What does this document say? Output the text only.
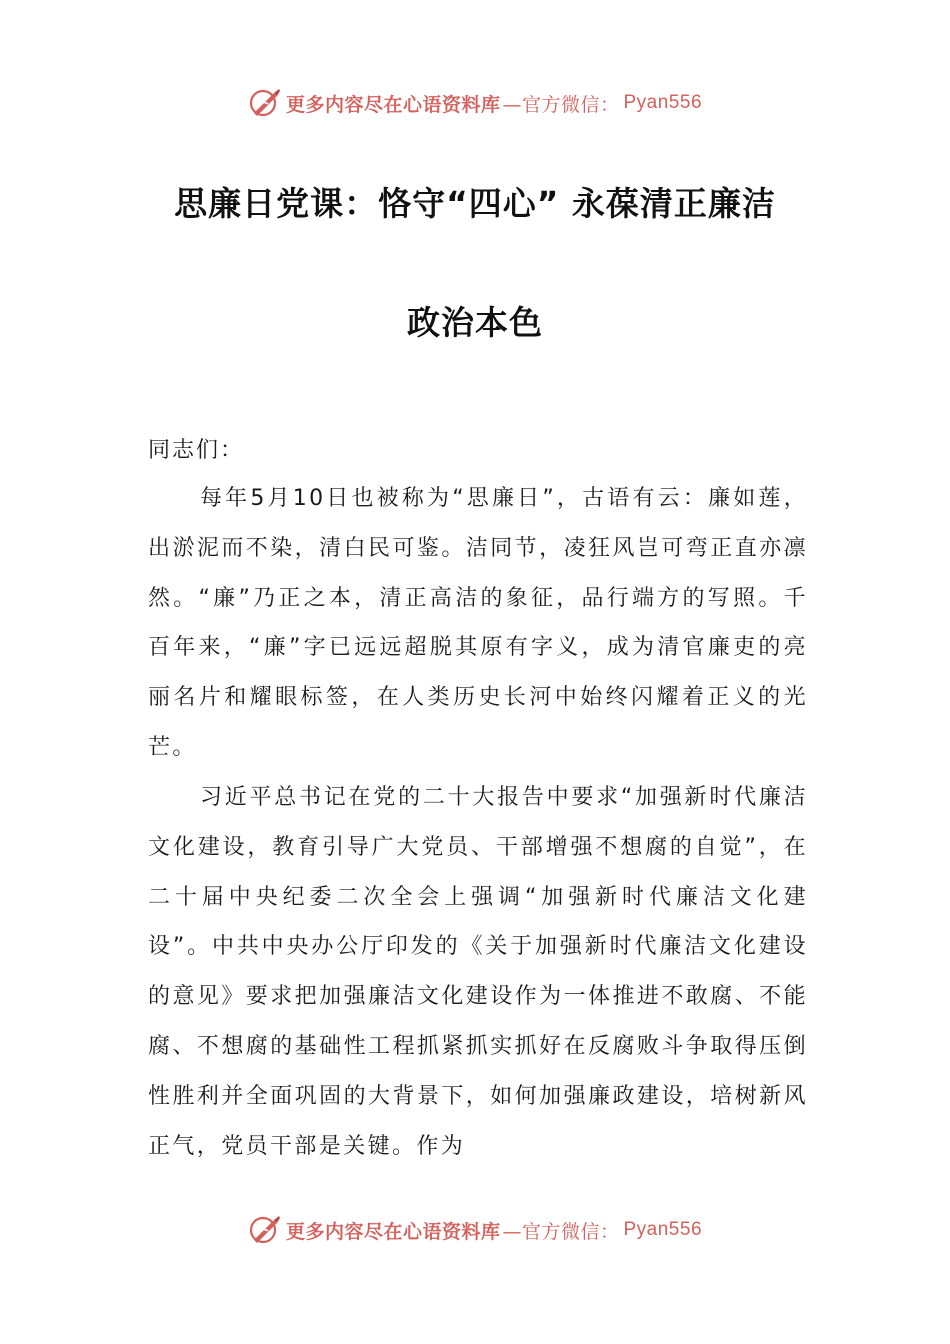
更多内容尽在心语资料库 —官方微信： Pyan556
思廉日党课：恪守“四心” 永葆清正廉洁
政治本色
同志们：

每年5月10日也被称为“思廉日”，古语有云：廉如莲，出淤泥而不染，清白民可鉴。洁同节，凌狂风岂可弯正直亦凛然。“廉”乃正之本，清正高洁的象征，品行端方的写照。千百年来，“廉”字已远远超脱其原有字义，成为清官廉吏的亮丽名片和耀眼标签，在人类历史长河中始终闪耀着正义的光芒。

习近平总书记在党的二十大报告中要求“加强新时代廉洁文化建设，教育引导广大党员、干部增强不想腐的自觉”，在二十届中央纪委二次全会上强调“加强新时代廉洁文化建设”。中共中央办公厅印发的《关于加强新时代廉洁文化建设的意见》要求把加强廉洁文化建设作为一体推进不敢腐、不能腐、不想腐的基础性工程抓紧抓实抓好在反腐败斗争取得压倒性胜利并全面巩固的大背景下，如何加强廉政建设，培树新风正气，党员干部是关键。作为

更多内容尽在心语资料库 —官方微信： Pyan556
